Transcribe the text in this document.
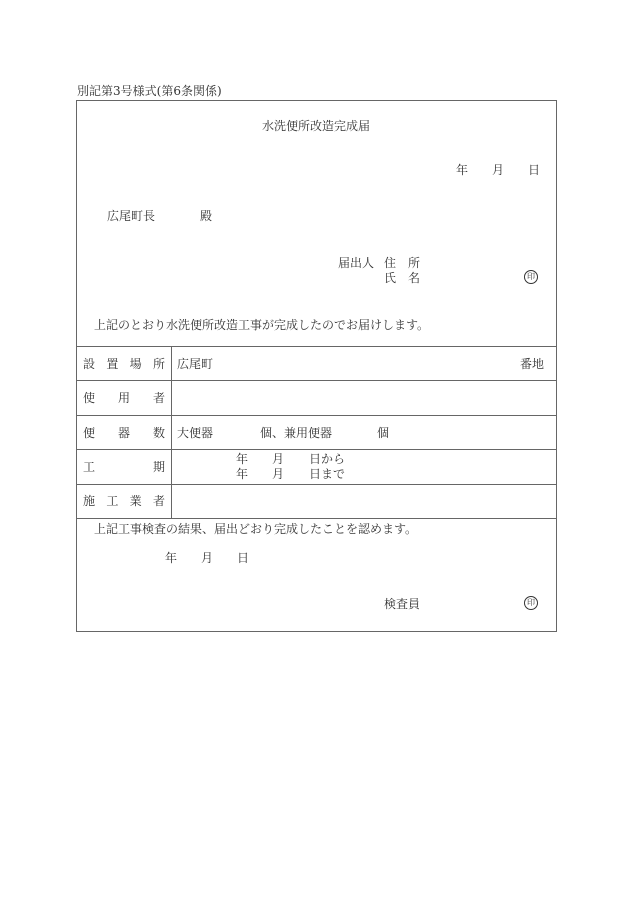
別記第3号様式(第6条関係)
水洗便所改造完成届
年 月 日
広尾町長	殿
届出人 住　所
氏　名	印
上記のとおり水洗便所改造工事が完成したのでお届けします。
設 置 場 所 広尾町	番地
使 用 者
便 器 数 大便器	個、兼用便器	個
工	期
年 月 日から
年 月 日まで
施 工 業 者
上記工事検査の結果、届出どおり完成したことを認めます。
年 月 日
検査員	印
